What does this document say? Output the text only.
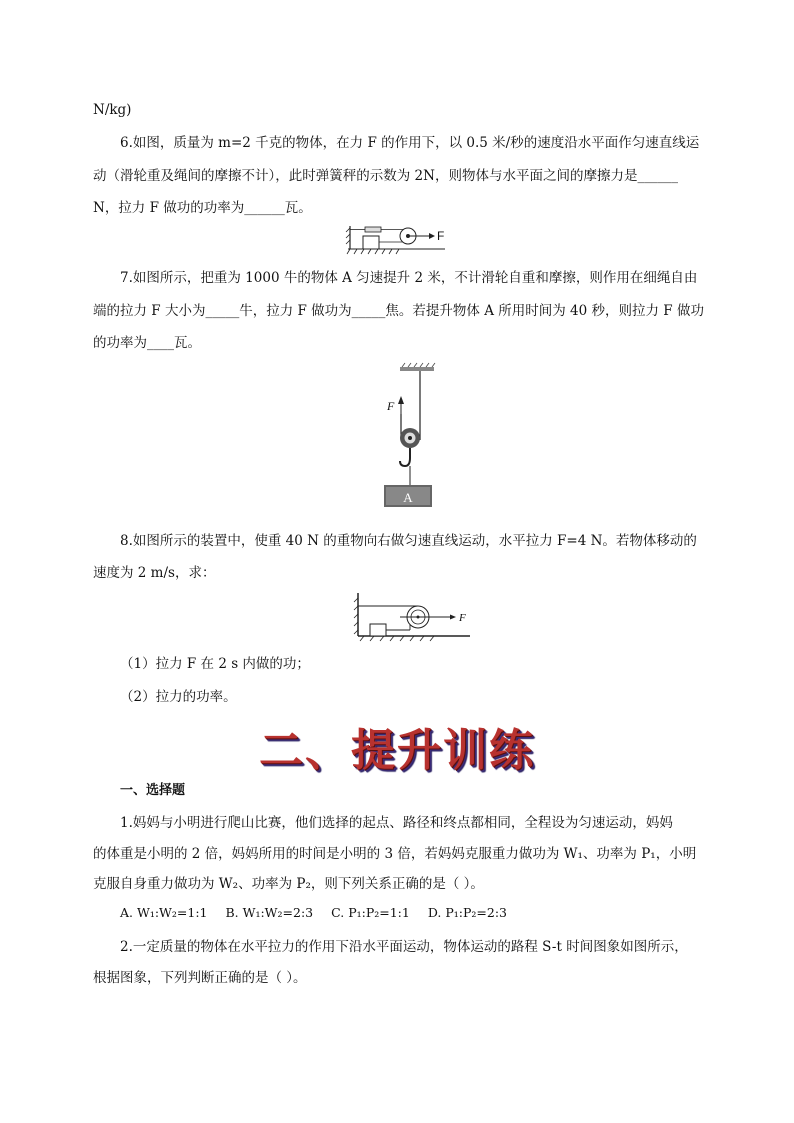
N/kg)
6.如图，质量为 m=2 千克的物体，在力 F 的作用下，以 0.5 米/秒的速度沿水平面作匀速直线运
动（滑轮重及绳间的摩擦不计），此时弹簧秤的示数为 2N，则物体与水平面之间的摩擦力是______
N，拉力 F 做功的功率为______瓦。
F
7.如图所示，把重为 1000 牛的物体 A 匀速提升 2 米，不计滑轮自重和摩擦，则作用在细绳自由
端的拉力 F 大小为_____牛，拉力 F 做功为_____焦。若提升物体 A 所用时间为 40 秒，则拉力 F 做功
的功率为____瓦。
F
A
8.如图所示的装置中，使重 40 N 的重物向右做匀速直线运动，水平拉力 F=4 N。若物体移动的
速度为 2 m/s，求：
F
（1）拉力 F 在 2 s 内做的功；
（2）拉力的功率。
二、提升训练
一、选择题
1.妈妈与小明进行爬山比赛，他们选择的起点、路径和终点都相同，全程设为匀速运动，妈妈
的体重是小明的 2 倍，妈妈所用的时间是小明的 3 倍，若妈妈克服重力做功为 W₁、功率为 P₁，小明
克服自身重力做功为 W₂、功率为 P₂，则下列关系正确的是（ ）。
A. W₁:W₂=1:1 B. W₁:W₂=2:3 C. P₁:P₂=1:1 D. P₁:P₂=2:3
2.一定质量的物体在水平拉力的作用下沿水平面运动，物体运动的路程 S-t 时间图象如图所示，
根据图象，下列判断正确的是（ ）。
